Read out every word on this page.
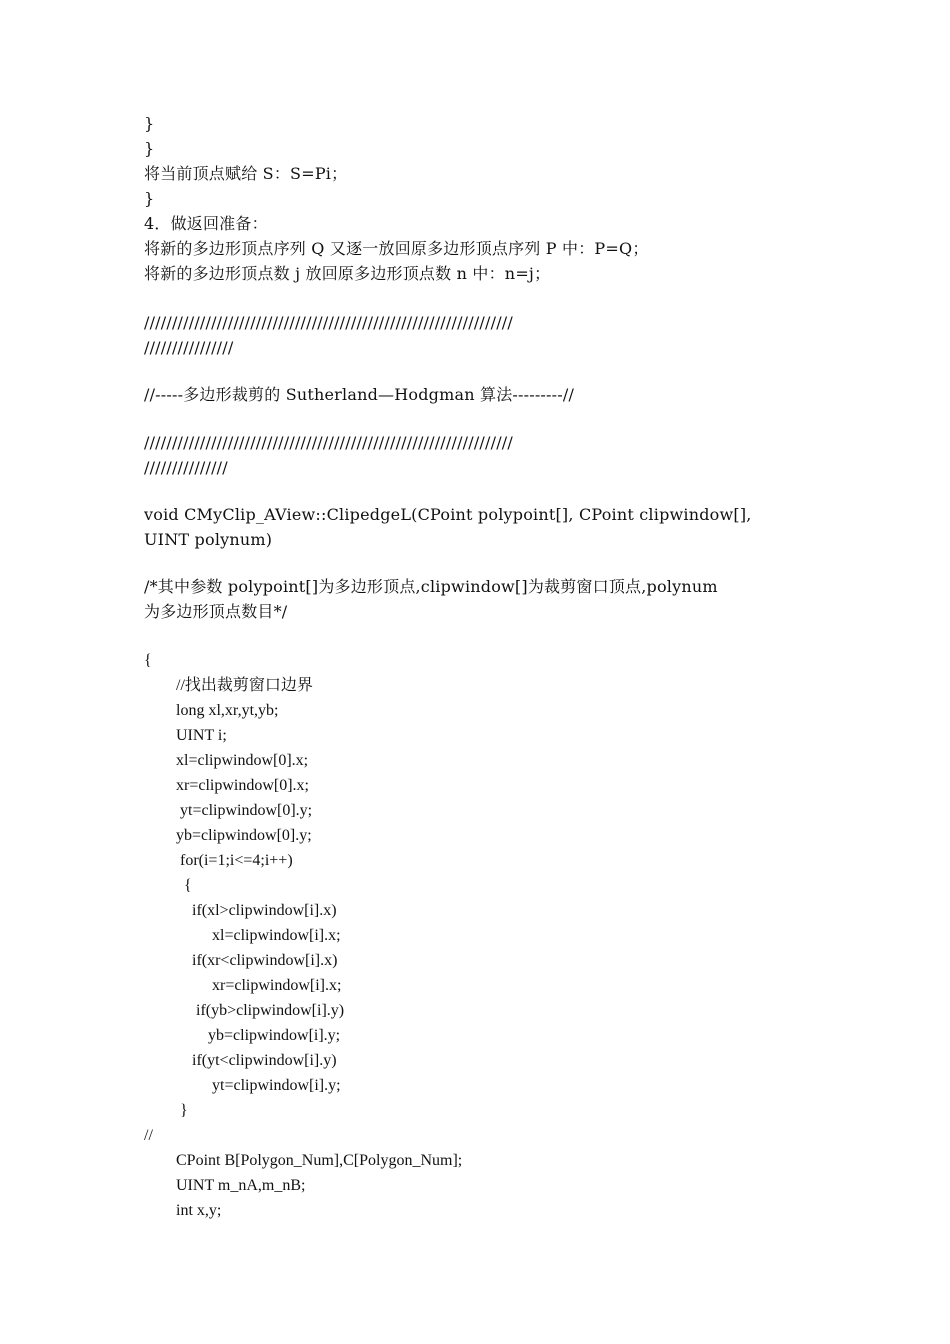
}
}
将当前顶点赋给 S：S=Pi；
}
4．做返回准备：
将新的多边形顶点序列 Q 又逐一放回原多边形顶点序列 P 中：P=Q；
将新的多边形顶点数 j 放回原多边形顶点数 n 中：n=j；
//////////////////////////////////////////////////////////////////
////////////////
//-----多边形裁剪的 Sutherland—Hodgman 算法---------//
//////////////////////////////////////////////////////////////////
///////////////
void CMyClip_AView::ClipedgeL(CPoint polypoint[], CPoint clipwindow[],
UINT polynum)
/*其中参数 polypoint[]为多边形顶点,clipwindow[]为裁剪窗口顶点,polynum
为多边形顶点数目*/
{
//找出裁剪窗口边界
long xl,xr,yt,yb;
UINT i;
xl=clipwindow[0].x;
xr=clipwindow[0].x;
yt=clipwindow[0].y;
yb=clipwindow[0].y;
for(i=1;i<=4;i++)
{
if(xl>clipwindow[i].x)
xl=clipwindow[i].x;
if(xr<clipwindow[i].x)
xr=clipwindow[i].x;
if(yb>clipwindow[i].y)
yb=clipwindow[i].y;
if(yt<clipwindow[i].y)
yt=clipwindow[i].y;
}
//
CPoint B[Polygon_Num],C[Polygon_Num];
UINT m_nA,m_nB;
int x,y;
